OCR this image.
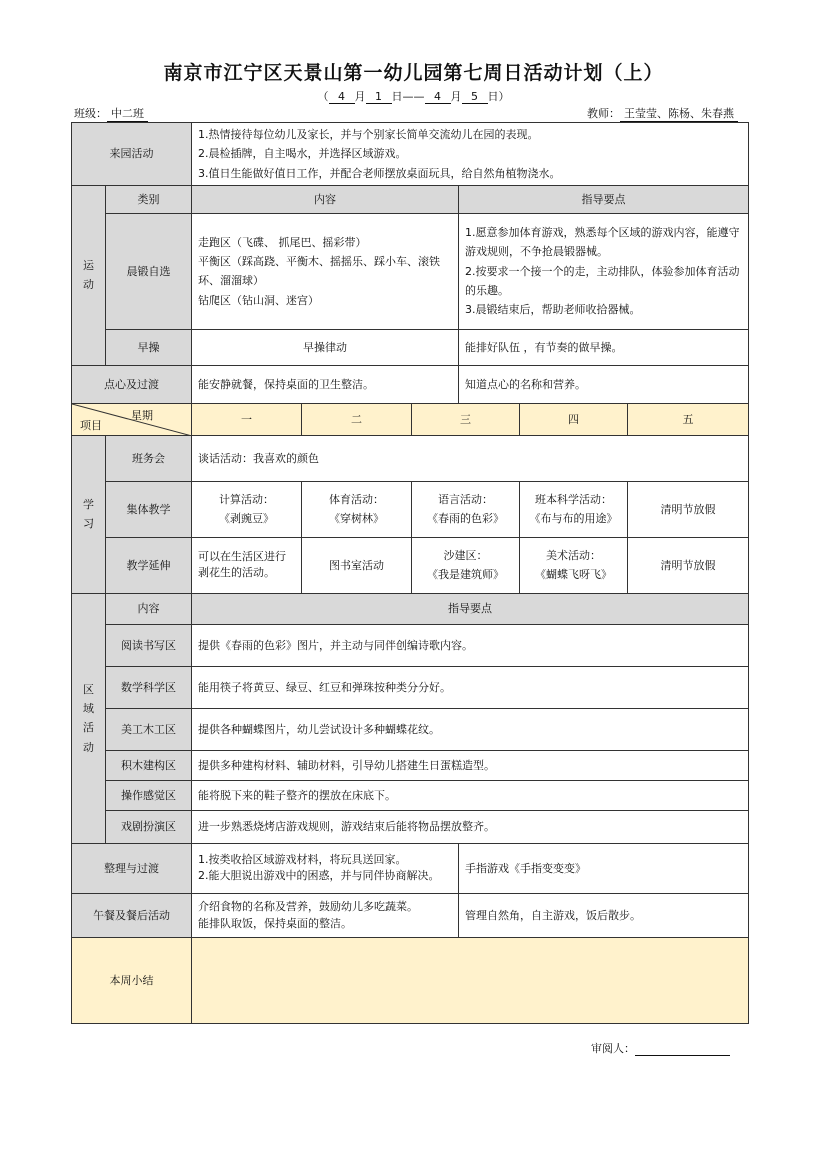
南京市江宁区天景山第一幼儿园第七周日活动计划（上）
（ 4 月 1 日—— 4 月 5 日）
班级： 中二班	教师： 王莹莹、陈杨、朱春燕
来园活动		1.热情接待每位幼儿及家长，并与个别家长简单交流幼儿在园的表现。
2.晨检插牌，自主喝水，并选择区域游戏。
3.值日生能做好值日工作，并配合老师摆放桌面玩具，给自然角植物浇水。					

运
动	类别	内容			指导要点		
	晨锻自选	走跑区（飞碟、 抓尾巴、摇彩带）
平衡区（踩高跷、平衡木、摇摇乐、踩小车、滚铁环、溜溜球）
钻爬区（钻山洞、迷宫）			1.愿意参加体育游戏，熟悉每个区域的游戏内容，能遵守游戏规则，不争抢晨锻器械。
2.按要求一个接一个的走，主动排队，体验参加体育活动的乐趣。
3.晨锻结束后，帮助老师收拾器械。		

	早操	早操律动			能排好队伍 ，有节奏的做早操。		
点心及过渡		能安静就餐，保持桌面的卫生整洁。			知道点心的名称和营养。		

星期
项目		一	二	三		四	五
学
习	班务会	谈话活动：我喜欢的颜色					
	集体教学	计算活动：
《剥豌豆》	体育活动：
《穿树林》	语言活动：
《春雨的色彩》		班本科学活动：
《布与布的用途》	清明节放假

	教学延伸	可以在生活区进行剥花生的活动。	图书室活动	沙建区：
《我是建筑师》		美术活动：
《蝴蝶飞呀飞》	清明节放假

区
域
活
动	内容	指导要点					
	阅读书写区	提供《春雨的色彩》图片，并主动与同伴创编诗歌内容。					
	数学科学区	能用筷子将黄豆、绿豆、红豆和弹珠按种类分分好。					
	美工木工区	提供各种蝴蝶图片，幼儿尝试设计多种蝴蝶花纹。					
	积木建构区	提供多种建构材料、辅助材料，引导幼儿搭建生日蛋糕造型。					
	操作感觉区	能将脱下来的鞋子整齐的摆放在床底下。					
	戏剧扮演区	进一步熟悉烧烤店游戏规则，游戏结束后能将物品摆放整齐。					
整理与过渡		1.按类收拾区域游戏材料，将玩具送回家。
2.能大胆说出游戏中的困惑，并与同伴协商解决。			手指游戏《手指变变变》		
午餐及餐后活动		介绍食物的名称及营养，鼓励幼儿多吃蔬菜。
能排队取饭，保持桌面的整洁。			管理自然角，自主游戏，饭后散步。		
本周小结							
审阅人：
